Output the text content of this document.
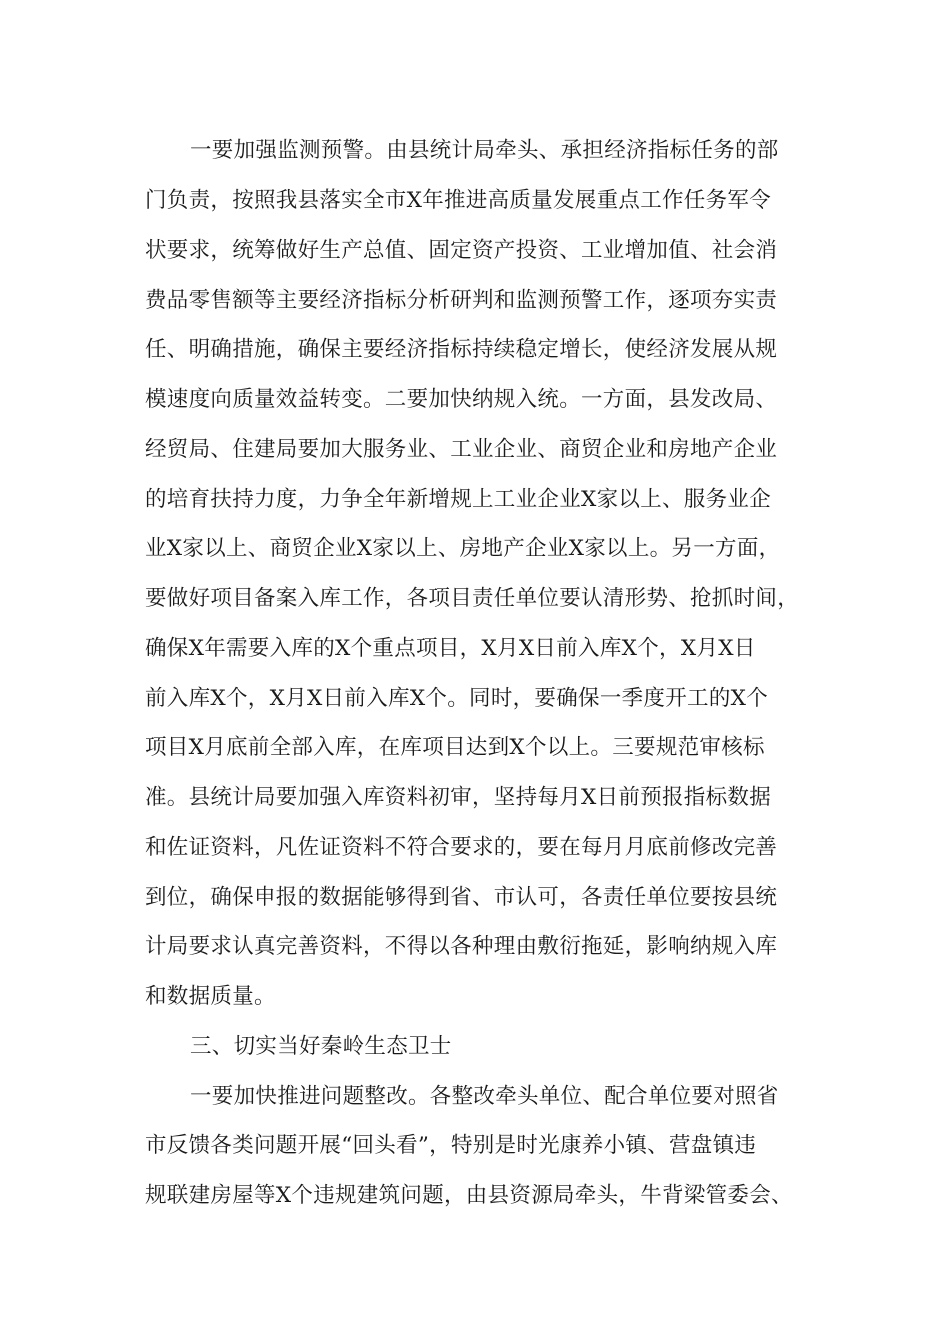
一要加强监测预警。由县统计局牵头、承担经济指标任务的部
门负责，按照我县落实全市X年推进高质量发展重点工作任务军令
状要求，统筹做好生产总值、固定资产投资、工业增加值、社会消
费品零售额等主要经济指标分析研判和监测预警工作，逐项夯实责
任、明确措施，确保主要经济指标持续稳定增长，使经济发展从规
模速度向质量效益转变。二要加快纳规入统。一方面，县发改局、
经贸局、住建局要加大服务业、工业企业、商贸企业和房地产企业
的培育扶持力度，力争全年新增规上工业企业X家以上、服务业企
业X家以上、商贸企业X家以上、房地产企业X家以上。另一方面，
要做好项目备案入库工作，各项目责任单位要认清形势、抢抓时间，
确保X年需要入库的X个重点项目，X月X日前入库X个，X月X日
前入库X个，X月X日前入库X个。同时，要确保一季度开工的X个
项目X月底前全部入库，在库项目达到X个以上。三要规范审核标
准。县统计局要加强入库资料初审，坚持每月X日前预报指标数据
和佐证资料，凡佐证资料不符合要求的，要在每月月底前修改完善
到位，确保申报的数据能够得到省、市认可，各责任单位要按县统
计局要求认真完善资料，不得以各种理由敷衍拖延，影响纳规入库
和数据质量。
三、切实当好秦岭生态卫士
一要加快推进问题整改。各整改牵头单位、配合单位要对照省
市反馈各类问题开展“回头看”，特别是时光康养小镇、营盘镇违
规联建房屋等X个违规建筑问题，由县资源局牵头，牛背梁管委会、
